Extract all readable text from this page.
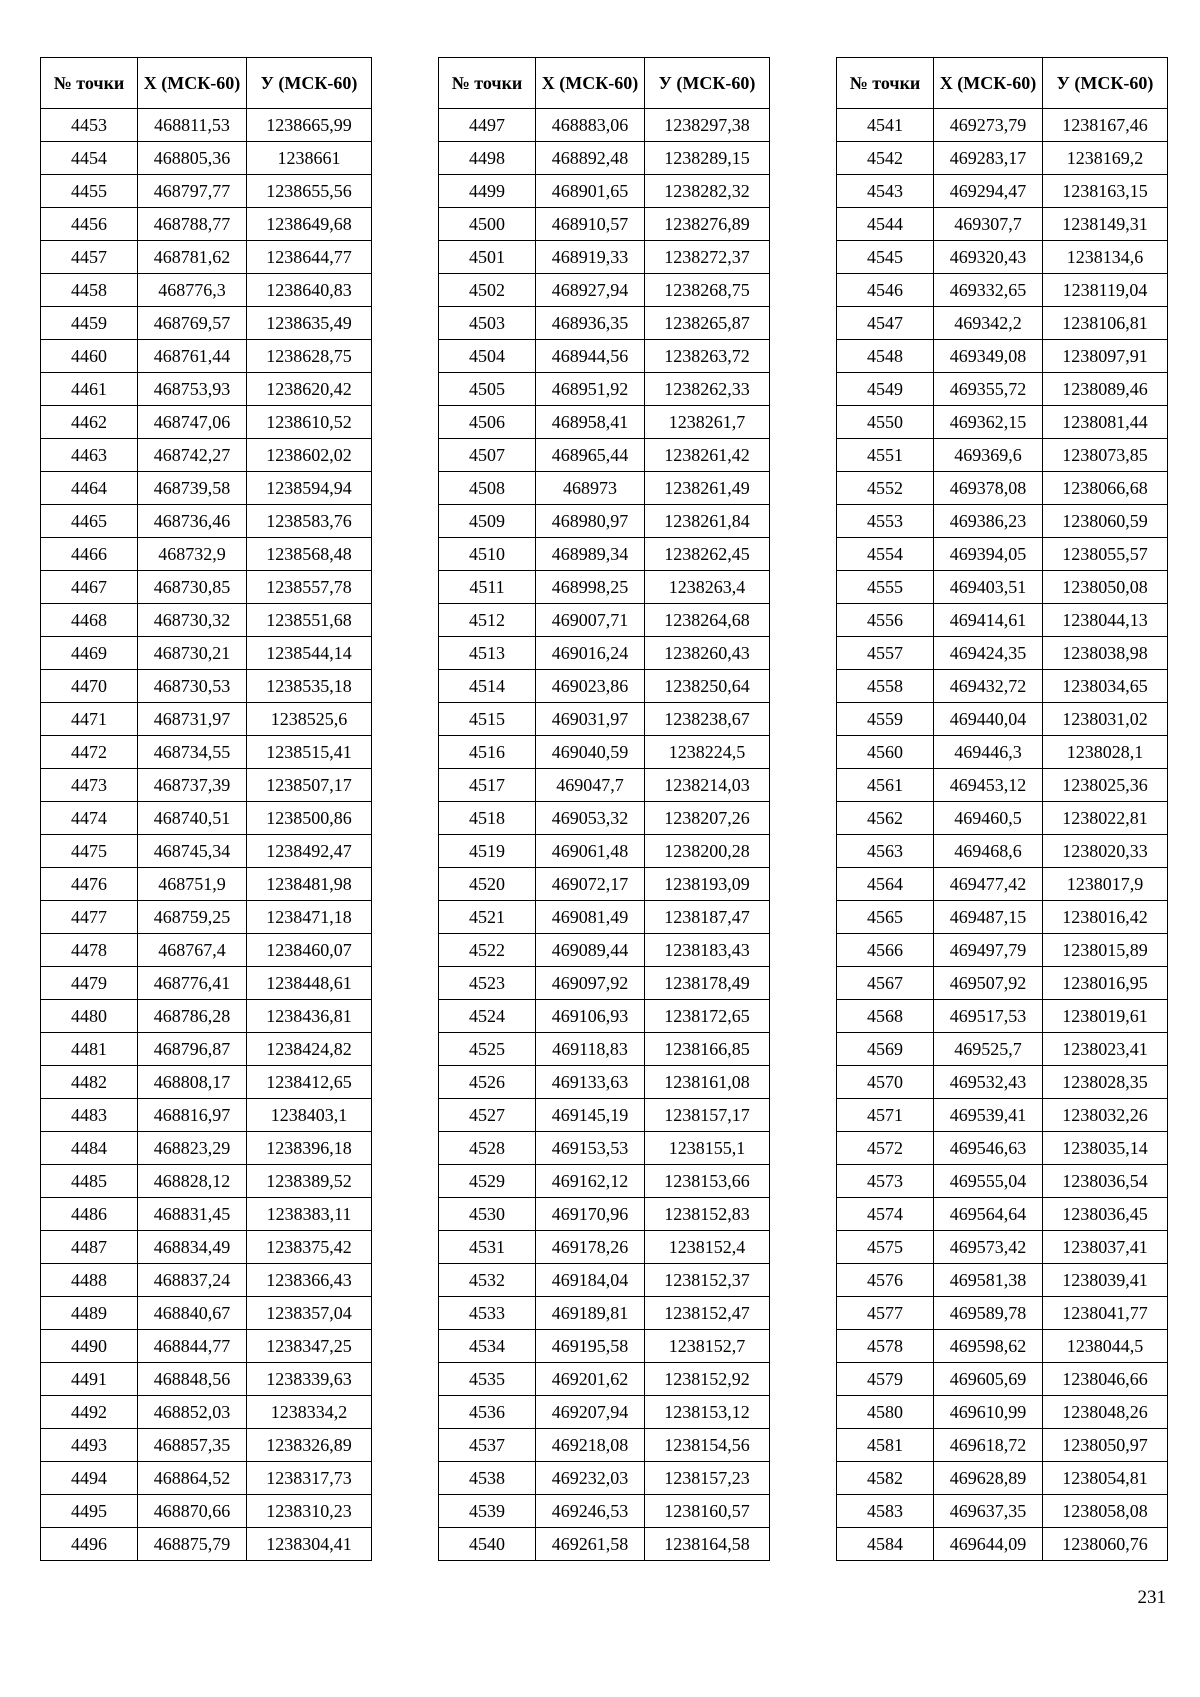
№ точки	Х (МСК-60)	У (МСК-60)
4453	468811,53	1238665,99
4454	468805,36	1238661
4455	468797,77	1238655,56
4456	468788,77	1238649,68
4457	468781,62	1238644,77
4458	468776,3	1238640,83
4459	468769,57	1238635,49
4460	468761,44	1238628,75
4461	468753,93	1238620,42
4462	468747,06	1238610,52
4463	468742,27	1238602,02
4464	468739,58	1238594,94
4465	468736,46	1238583,76
4466	468732,9	1238568,48
4467	468730,85	1238557,78
4468	468730,32	1238551,68
4469	468730,21	1238544,14
4470	468730,53	1238535,18
4471	468731,97	1238525,6
4472	468734,55	1238515,41
4473	468737,39	1238507,17
4474	468740,51	1238500,86
4475	468745,34	1238492,47
4476	468751,9	1238481,98
4477	468759,25	1238471,18
4478	468767,4	1238460,07
4479	468776,41	1238448,61
4480	468786,28	1238436,81
4481	468796,87	1238424,82
4482	468808,17	1238412,65
4483	468816,97	1238403,1
4484	468823,29	1238396,18
4485	468828,12	1238389,52
4486	468831,45	1238383,11
4487	468834,49	1238375,42
4488	468837,24	1238366,43
4489	468840,67	1238357,04
4490	468844,77	1238347,25
4491	468848,56	1238339,63
4492	468852,03	1238334,2
4493	468857,35	1238326,89
4494	468864,52	1238317,73
4495	468870,66	1238310,23
4496	468875,79	1238304,41
№ точки	Х (МСК-60)	У (МСК-60)
4497	468883,06	1238297,38
4498	468892,48	1238289,15
4499	468901,65	1238282,32
4500	468910,57	1238276,89
4501	468919,33	1238272,37
4502	468927,94	1238268,75
4503	468936,35	1238265,87
4504	468944,56	1238263,72
4505	468951,92	1238262,33
4506	468958,41	1238261,7
4507	468965,44	1238261,42
4508	468973	1238261,49
4509	468980,97	1238261,84
4510	468989,34	1238262,45
4511	468998,25	1238263,4
4512	469007,71	1238264,68
4513	469016,24	1238260,43
4514	469023,86	1238250,64
4515	469031,97	1238238,67
4516	469040,59	1238224,5
4517	469047,7	1238214,03
4518	469053,32	1238207,26
4519	469061,48	1238200,28
4520	469072,17	1238193,09
4521	469081,49	1238187,47
4522	469089,44	1238183,43
4523	469097,92	1238178,49
4524	469106,93	1238172,65
4525	469118,83	1238166,85
4526	469133,63	1238161,08
4527	469145,19	1238157,17
4528	469153,53	1238155,1
4529	469162,12	1238153,66
4530	469170,96	1238152,83
4531	469178,26	1238152,4
4532	469184,04	1238152,37
4533	469189,81	1238152,47
4534	469195,58	1238152,7
4535	469201,62	1238152,92
4536	469207,94	1238153,12
4537	469218,08	1238154,56
4538	469232,03	1238157,23
4539	469246,53	1238160,57
4540	469261,58	1238164,58
№ точки	Х (МСК-60)	У (МСК-60)
4541	469273,79	1238167,46
4542	469283,17	1238169,2
4543	469294,47	1238163,15
4544	469307,7	1238149,31
4545	469320,43	1238134,6
4546	469332,65	1238119,04
4547	469342,2	1238106,81
4548	469349,08	1238097,91
4549	469355,72	1238089,46
4550	469362,15	1238081,44
4551	469369,6	1238073,85
4552	469378,08	1238066,68
4553	469386,23	1238060,59
4554	469394,05	1238055,57
4555	469403,51	1238050,08
4556	469414,61	1238044,13
4557	469424,35	1238038,98
4558	469432,72	1238034,65
4559	469440,04	1238031,02
4560	469446,3	1238028,1
4561	469453,12	1238025,36
4562	469460,5	1238022,81
4563	469468,6	1238020,33
4564	469477,42	1238017,9
4565	469487,15	1238016,42
4566	469497,79	1238015,89
4567	469507,92	1238016,95
4568	469517,53	1238019,61
4569	469525,7	1238023,41
4570	469532,43	1238028,35
4571	469539,41	1238032,26
4572	469546,63	1238035,14
4573	469555,04	1238036,54
4574	469564,64	1238036,45
4575	469573,42	1238037,41
4576	469581,38	1238039,41
4577	469589,78	1238041,77
4578	469598,62	1238044,5
4579	469605,69	1238046,66
4580	469610,99	1238048,26
4581	469618,72	1238050,97
4582	469628,89	1238054,81
4583	469637,35	1238058,08
4584	469644,09	1238060,76
231
